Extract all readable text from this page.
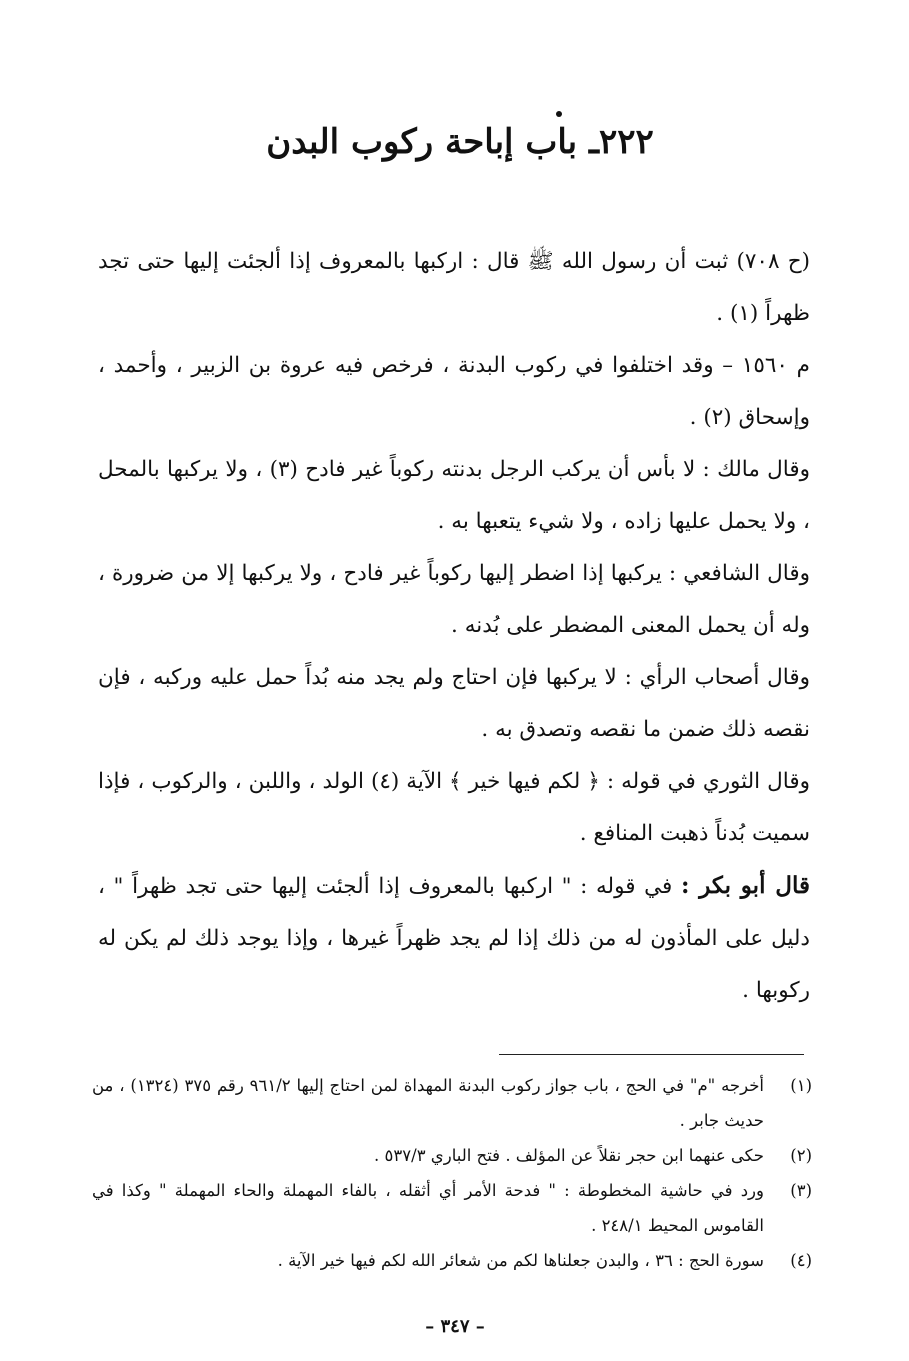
٢٢٢ـ باب إباحة ركوب البدن

(ح ٧٠٨) ثبت أن رسول الله ﷺ قال : اركبها بالمعروف إذا ألجئت إليها حتى تجد ظهراً (١) .

م ١٥٦٠ – وقد اختلفوا في ركوب البدنة ، فرخص فيه عروة بن الزبير ، وأحمد ، وإسحاق (٢) .

وقال مالك : لا بأس أن يركب الرجل بدنته ركوباً غير فادح (٣) ، ولا يركبها بالمحل ، ولا يحمل عليها زاده ، ولا شيء يتعبها به .

وقال الشافعي : يركبها إذا اضطر إليها ركوباً غير فادح ، ولا يركبها إلا من ضرورة ، وله أن يحمل المعنى المضطر على بُدنه .

وقال أصحاب الرأي : لا يركبها فإن احتاج ولم يجد منه بُداً حمل عليه وركبه ، فإن نقصه ذلك ضمن ما نقصه وتصدق به .

وقال الثوري في قوله : ﴿ لكم فيها خير ﴾ الآية (٤) الولد ، واللبن ، والركوب ، فإذا سميت بُدناً ذهبت المنافع .

قال أبو بكر : في قوله : " اركبها بالمعروف إذا ألجئت إليها حتى تجد ظهراً " ، دليل على المأذون له من ذلك إذا لم يجد ظهراً غيرها ، وإذا يوجد ذلك لم يكن له ركوبها .

(١)
أخرجه "م" في الحج ، باب جواز ركوب البدنة المهداة لمن احتاج إليها ٩٦١/٢ رقم ٣٧٥ (١٣٢٤) ، من حديث جابر .
(٢)
حكى عنهما ابن حجر نقلاً عن المؤلف . فتح الباري ٥٣٧/٣ .
(٣)
ورد في حاشية المخطوطة : " فدحة الأمر أي أثقله ، بالفاء المهملة والحاء المهملة " وكذا في القاموس المحيط ٢٤٨/١ .
(٤)
سورة الحج : ٣٦ ، والبدن جعلناها لكم من شعائر الله لكم فيها خير الآية .
– ٣٤٧ –
